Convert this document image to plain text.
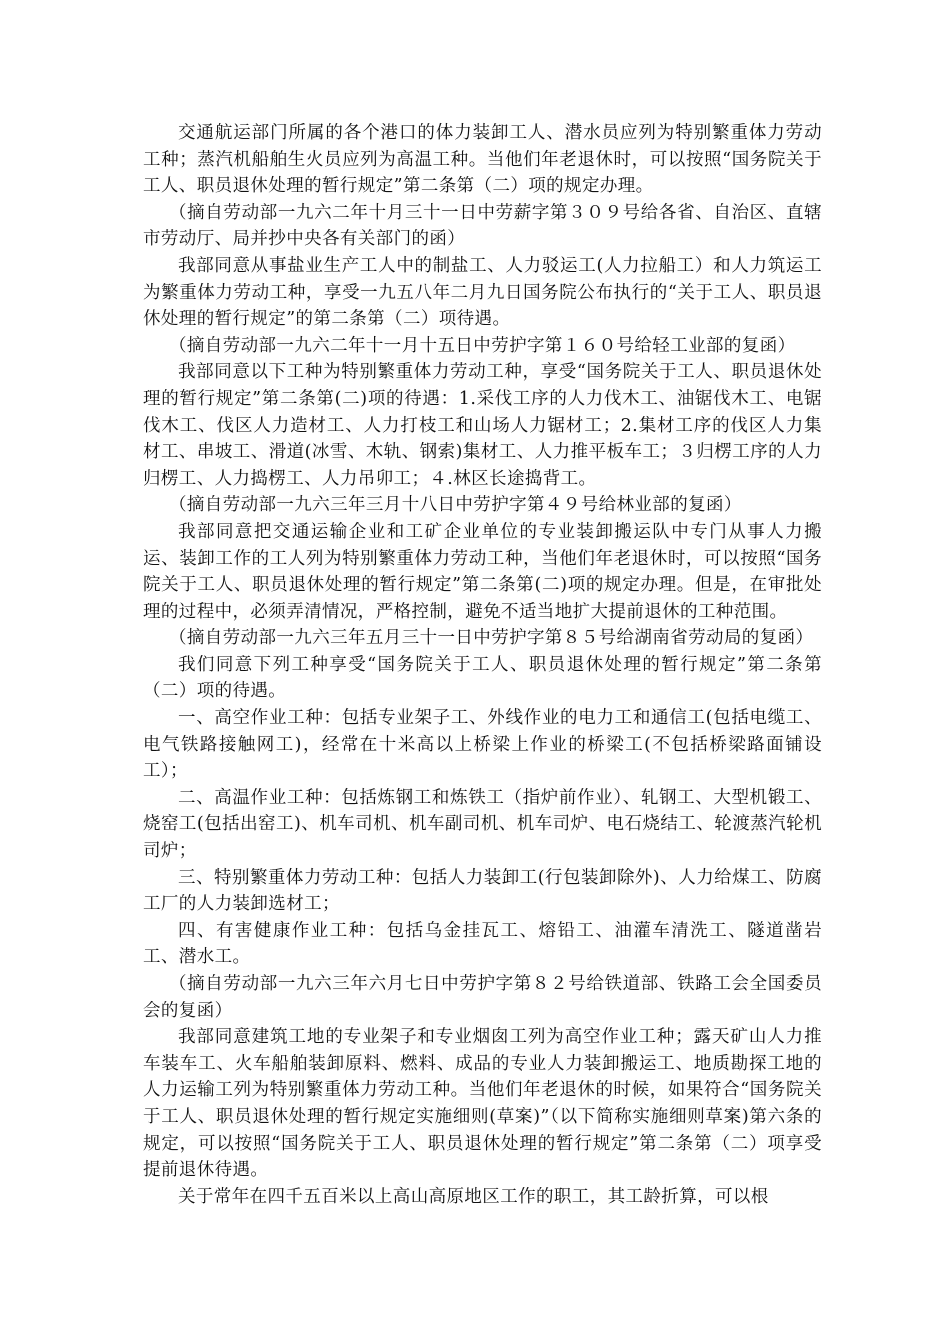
交通航运部门所属的各个港口的体力装卸工人、潜水员应列为特别繁重体力劳动工种；蒸汽机船舶生火员应列为高温工种。当他们年老退休时，可以按照“国务院关于工人、职员退休处理的暂行规定”第二条第（二）项的规定办理。

（摘自劳动部一九六二年十月三十一日中劳薪字第３０９号给各省、自治区、直辖市劳动厅、局并抄中央各有关部门的函）

我部同意从事盐业生产工人中的制盐工、人力驳运工(人力拉船工）和人力筑运工为繁重体力劳动工种，享受一九五八年二月九日国务院公布执行的“关于工人、职员退休处理的暂行规定”的第二条第（二）项待遇。

（摘自劳动部一九六二年十一月十五日中劳护字第１６０号给轻工业部的复函）

我部同意以下工种为特别繁重体力劳动工种，享受“国务院关于工人、职员退休处理的暂行规定”第二条第(二)项的待遇：1.采伐工序的人力伐木工、油锯伐木工、电锯伐木工、伐区人力造材工、人力打枝工和山场人力锯材工；2.集材工序的伐区人力集材工、串坡工、滑道(冰雪、木轨、钢索)集材工、人力推平板车工；３归楞工序的人力归楞工、人力捣楞工、人力吊卯工；４.林区长途捣背工。

（摘自劳动部一九六三年三月十八日中劳护字第４９号给林业部的复函）

我部同意把交通运输企业和工矿企业单位的专业装卸搬运队中专门从事人力搬运、装卸工作的工人列为特别繁重体力劳动工种，当他们年老退休时，可以按照“国务院关于工人、职员退休处理的暂行规定”第二条第(二)项的规定办理。但是，在审批处理的过程中，必须弄清情况，严格控制，避免不适当地扩大提前退休的工种范围。

（摘自劳动部一九六三年五月三十一日中劳护字第８５号给湖南省劳动局的复函）

我们同意下列工种享受“国务院关于工人、职员退休处理的暂行规定”第二条第（二）项的待遇。

一、高空作业工种：包括专业架子工、外线作业的电力工和通信工(包括电缆工、电气铁路接触网工)，经常在十米高以上桥梁上作业的桥梁工(不包括桥梁路面铺设工）；

二、高温作业工种：包括炼钢工和炼铁工（指炉前作业）、轧钢工、大型机锻工、烧窑工(包括出窑工)、机车司机、机车副司机、机车司炉、电石烧结工、轮渡蒸汽轮机司炉；

三、特别繁重体力劳动工种：包括人力装卸工(行包装卸除外)、人力给煤工、防腐工厂的人力装卸选材工；

四、有害健康作业工种：包括乌金挂瓦工、熔铅工、油灌车清洗工、隧道凿岩工、潜水工。

（摘自劳动部一九六三年六月七日中劳护字第８２号给铁道部、铁路工会全国委员会的复函）

我部同意建筑工地的专业架子和专业烟囱工列为高空作业工种；露天矿山人力推车装车工、火车船舶装卸原料、燃料、成品的专业人力装卸搬运工、地质勘探工地的人力运输工列为特别繁重体力劳动工种。当他们年老退休的时候，如果符合“国务院关于工人、职员退休处理的暂行规定实施细则(草案)”（以下简称实施细则草案)第六条的规定，可以按照“国务院关于工人、职员退休处理的暂行规定”第二条第（二）项享受提前退休待遇。

关于常年在四千五百米以上高山高原地区工作的职工，其工龄折算，可以根
